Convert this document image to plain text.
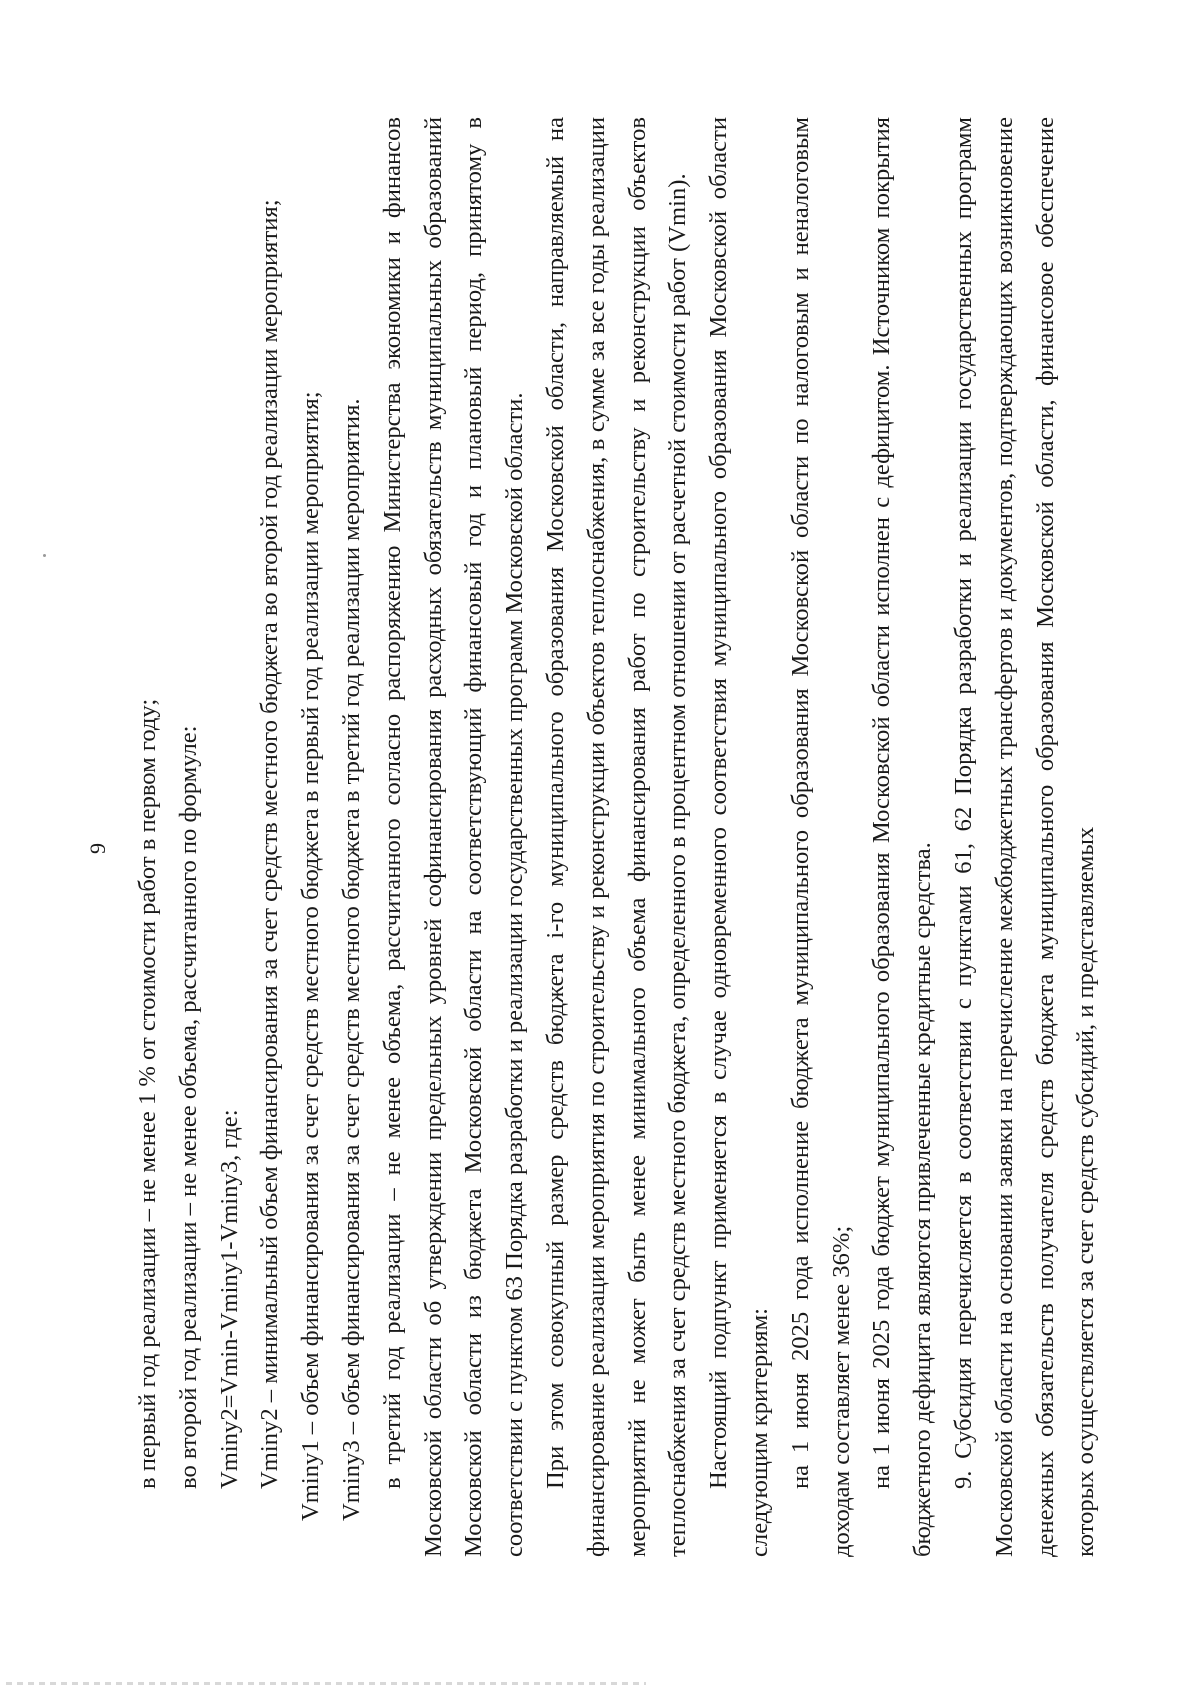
9 в первый год реализации – не менее 1 % от стоимости работ в первом году; во второй год реализации – не менее объема, рассчитанного по формуле: Vminy2=Vmin-Vminy1-Vminy3, где: Vminy2 – минимальный объем финансирования за счет средств местного бюджета во второй год реализации мероприятия; Vminy1 – объем финансирования за счет средств местного бюджета в первый год реализации мероприятия; Vminy3 – объем финансирования за счет средств местного бюджета в третий год реализации мероприятия. в третий год реализации – не менее объема, рассчитанного согласно распоряжению Министерства экономики и финансов Московской области об утверждении предельных уровней софинансирования расходных обязательств муниципальных образований Московской области из бюджета Московской области на соответствующий финансовый год и плановый период, принятому в соответствии с пунктом 63 Порядка разработки и реализации государственных программ Московской области. При этом совокупный размер средств бюджета i-го муниципального образования Московской области, направляемый на финансирование реализации мероприятия по строительству и реконструкции объектов теплоснабжения, в сумме за все годы реализации мероприятий не может быть менее минимального объема финансирования работ по строительству и реконструкции объектов теплоснабжения за счет средств местного бюджета, определенного в процентном отношении от расчетной стоимости работ (Vmin). Настоящий подпункт применяется в случае одновременного соответствия муниципального образования Московской области следующим критериям: на 1 июня 2025 года исполнение бюджета муниципального образования Московской области по налоговым и неналоговым доходам составляет менее 36%; на 1 июня 2025 года бюджет муниципального образования Московской области исполнен с дефицитом. Источником покрытия бюджетного дефицита являются привлеченные кредитные средства. 9. Субсидия перечисляется в соответствии с пунктами 61, 62 Порядка разработки и реализации государственных программ Московской области на основании заявки на перечисление межбюджетных трансфертов и документов, подтверждающих возникновение денежных обязательств получателя средств бюджета муниципального образования Московской области, финансовое обеспечение которых осуществляется за счет средств субсидий, и представляемых
